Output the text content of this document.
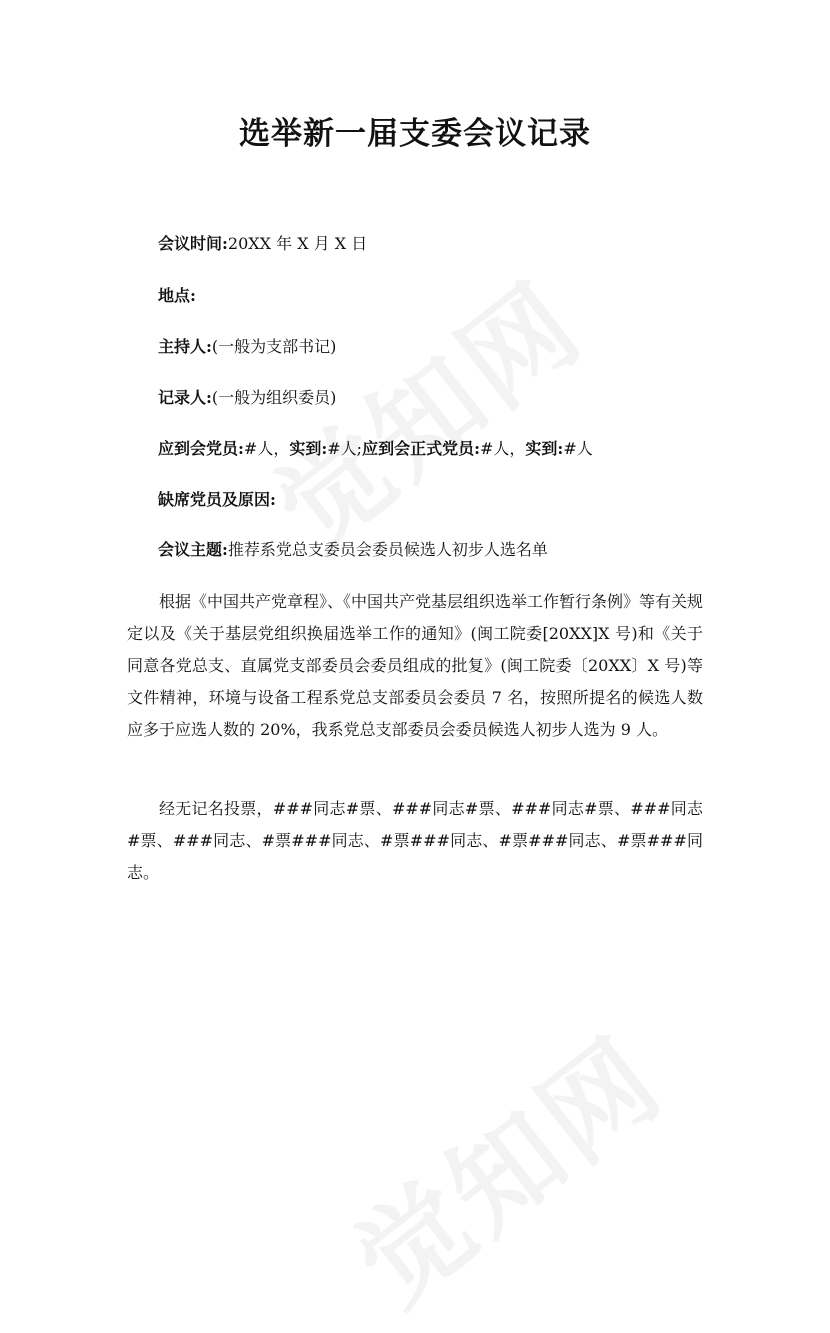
选举新一届支委会议记录
会议时间:20XX 年 X 月 X 日
地点:
主持人:(一般为支部书记)
记录人:(一般为组织委员)
应到会党员:#人，实到:#人;应到会正式党员:#人，实到:#人
缺席党员及原因:
会议主题:推荐系党总支委员会委员候选人初步人选名单

根据《中国共产党章程》、《中国共产党基层组织选举工作暂行条例》等有关规定以及《关于基层党组织换届选举工作的通知》(闽工院委[20XX]X 号)和《关于同意各党总支、直属党支部委员会委员组成的批复》(闽工院委〔20XX〕X 号)等文件精神，环境与设备工程系党总支部委员会委员 7 名，按照所提名的候选人数应多于应选人数的 20%，我系党总支部委员会委员候选人初步人选为 9 人。

经无记名投票，###同志#票、###同志#票、###同志#票、###同志#票、###同志、#票###同志、#票###同志、#票###同志、#票###同志。
